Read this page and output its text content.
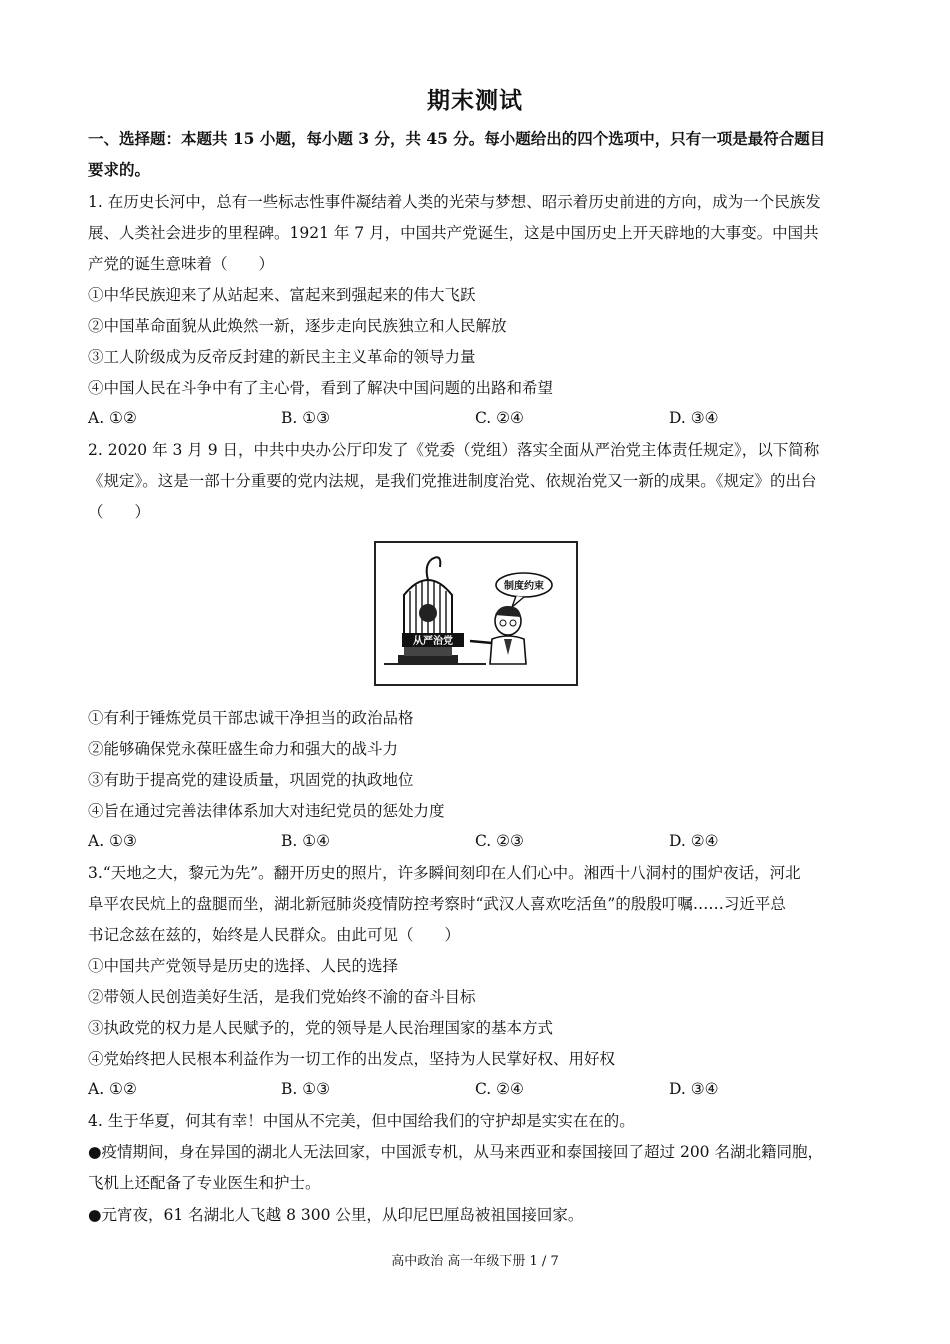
期末测试
一、选择题：本题共 15 小题，每小题 3 分，共 45 分。每小题给出的四个选项中，只有一项是最符合题目
要求的。
1. 在历史长河中，总有一些标志性事件凝结着人类的光荣与梦想、昭示着历史前进的方向，成为一个民族发
展、人类社会进步的里程碑。1921 年 7 月，中国共产党诞生，这是中国历史上开天辟地的大事变。中国共
产党的诞生意味着（　　）
①中华民族迎来了从站起来、富起来到强起来的伟大飞跃
②中国革命面貌从此焕然一新，逐步走向民族独立和人民解放
③工人阶级成为反帝反封建的新民主主义革命的领导力量
④中国人民在斗争中有了主心骨，看到了解决中国问题的出路和希望
A. ①②	B. ①③	C. ②④	D. ③④
2. 2020 年 3 月 9 日，中共中央办公厅印发了《党委（党组）落实全面从严治党主体责任规定》，以下简称
《规定》。这是一部十分重要的党内法规，是我们党推进制度治党、依规治党又一新的成果。《规定》的出台
（　　）
从严治党
制度约束
①有利于锤炼党员干部忠诚干净担当的政治品格
②能够确保党永葆旺盛生命力和强大的战斗力
③有助于提高党的建设质量，巩固党的执政地位
④旨在通过完善法律体系加大对违纪党员的惩处力度
A. ①③	B. ①④	C. ②③	D. ②④
3.“天地之大，黎元为先”。翻开历史的照片，许多瞬间刻印在人们心中。湘西十八洞村的围炉夜话，河北
阜平农民炕上的盘腿而坐，湖北新冠肺炎疫情防控考察时“武汉人喜欢吃活鱼”的殷殷叮嘱……习近平总
书记念兹在兹的，始终是人民群众。由此可见（　　）
①中国共产党领导是历史的选择、人民的选择
②带领人民创造美好生活，是我们党始终不渝的奋斗目标
③执政党的权力是人民赋予的，党的领导是人民治理国家的基本方式
④党始终把人民根本利益作为一切工作的出发点，坚持为人民掌好权、用好权
A. ①②	B. ①③	C. ②④	D. ③④
4. 生于华夏，何其有幸！中国从不完美，但中国给我们的守护却是实实在在的。
●疫情期间，身在异国的湖北人无法回家，中国派专机，从马来西亚和泰国接回了超过 200 名湖北籍同胞，
飞机上还配备了专业医生和护士。
●元宵夜，61 名湖北人飞越 8 300 公里，从印尼巴厘岛被祖国接回家。
高中政治 高一年级下册 1 / 7
